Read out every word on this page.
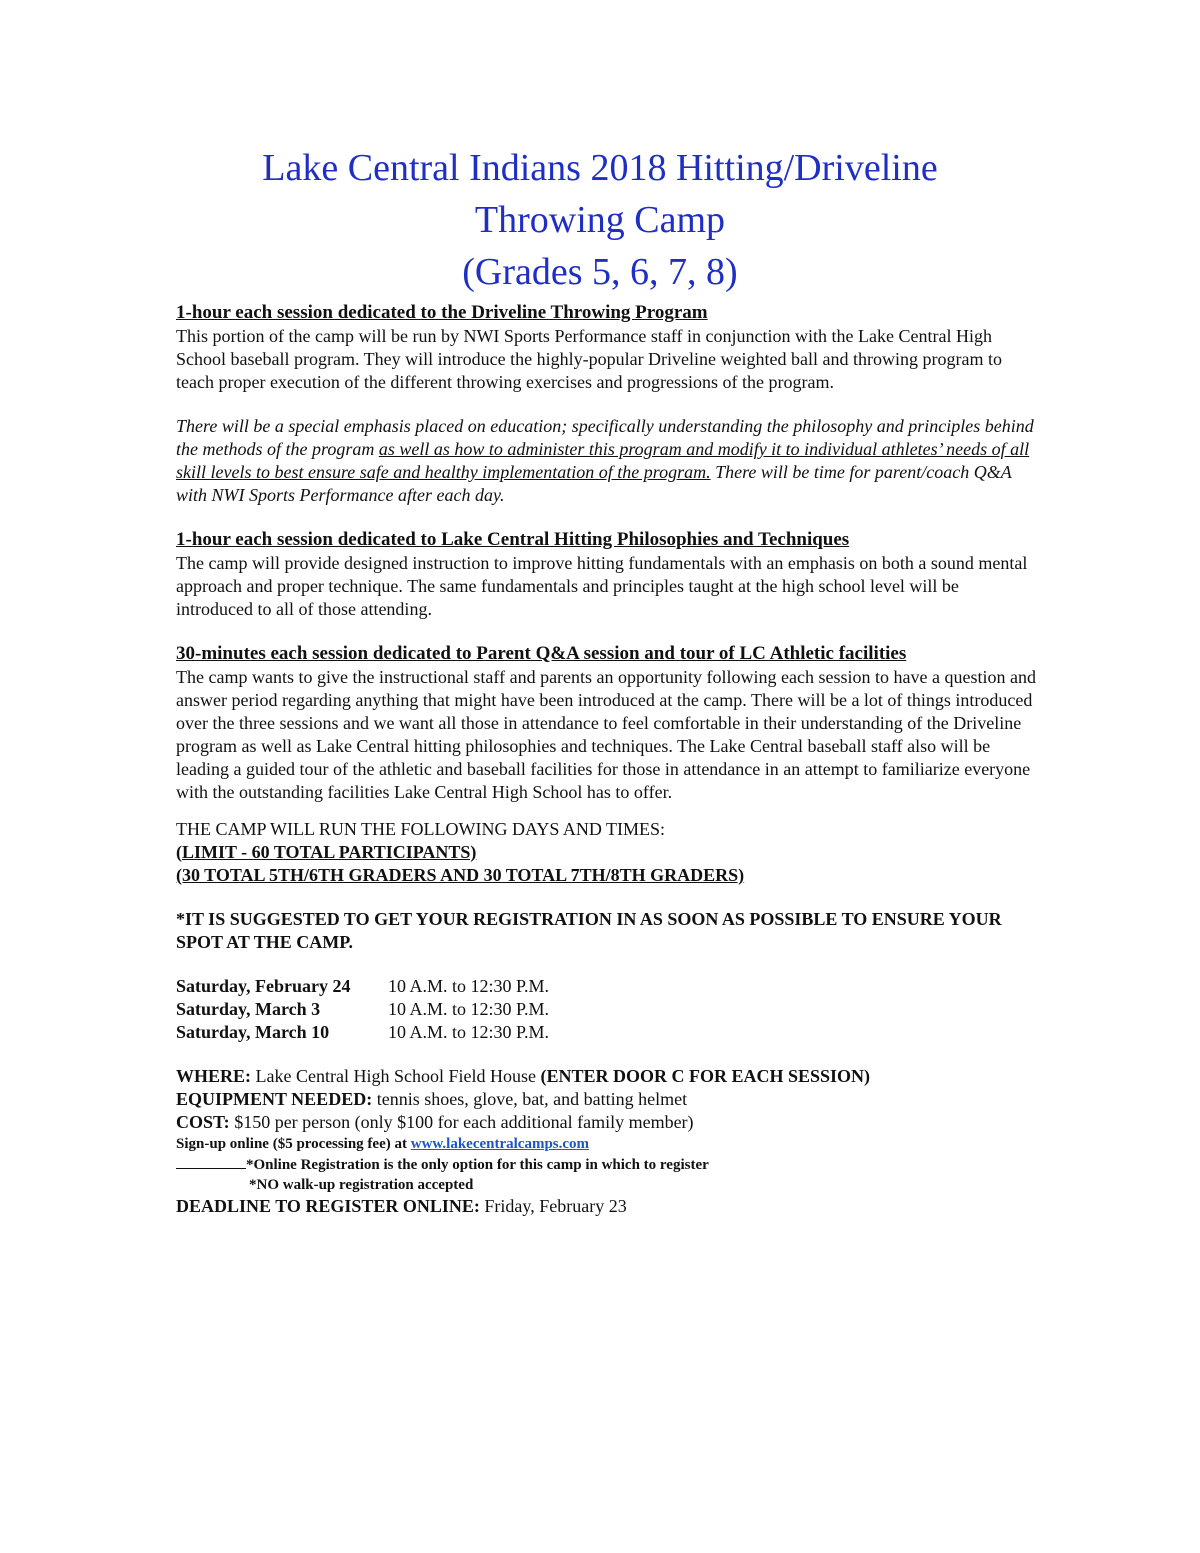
Lake Central Indians 2018 Hitting/Driveline
Throwing Camp
(Grades 5, 6, 7, 8)
1-hour each session dedicated to the Driveline Throwing Program

This portion of the camp will be run by NWI Sports Performance staff in conjunction with the Lake Central High School baseball program. They will introduce the highly-popular Driveline weighted ball and throwing program to teach proper execution of the different throwing exercises and progressions of the program.

There will be a special emphasis placed on education; specifically understanding the philosophy and principles behind the methods of the program as well as how to administer this program and modify it to individual athletes’ needs of all skill levels to best ensure safe and healthy implementation of the program. There will be time for parent/coach Q&A with NWI Sports Performance after each day.

1-hour each session dedicated to Lake Central Hitting Philosophies and Techniques

The camp will provide designed instruction to improve hitting fundamentals with an emphasis on both a sound mental approach and proper technique. The same fundamentals and principles taught at the high school level will be introduced to all of those attending.

30-minutes each session dedicated to Parent Q&A session and tour of LC Athletic facilities

The camp wants to give the instructional staff and parents an opportunity following each session to have a question and answer period regarding anything that might have been introduced at the camp. There will be a lot of things introduced over the three sessions and we want all those in attendance to feel comfortable in their understanding of the Driveline program as well as Lake Central hitting philosophies and techniques. The Lake Central baseball staff also will be leading a guided tour of the athletic and baseball facilities for those in attendance in an attempt to familiarize everyone with the outstanding facilities Lake Central High School has to offer.

THE CAMP WILL RUN THE FOLLOWING DAYS AND TIMES:

(LIMIT - 60 TOTAL PARTICIPANTS)

(30 TOTAL 5TH/6TH GRADERS AND 30 TOTAL 7TH/8TH GRADERS)

*IT IS SUGGESTED TO GET YOUR REGISTRATION IN AS SOON AS POSSIBLE TO ENSURE YOUR SPOT AT THE CAMP.

Saturday, February 24	10 A.M. to 12:30 P.M.
Saturday, March 3	10 A.M. to 12:30 P.M.
Saturday, March 10	10 A.M. to 12:30 P.M.

WHERE: Lake Central High School Field House (ENTER DOOR C FOR EACH SESSION)

EQUIPMENT NEEDED: tennis shoes, glove, bat, and batting helmet

COST: $150 per person (only $100 for each additional family member)

Sign-up online ($5 processing fee) at www.lakecentralcamps.com

*Online Registration is the only option for this camp in which to register

*NO walk-up registration accepted

DEADLINE TO REGISTER ONLINE: Friday, February 23
